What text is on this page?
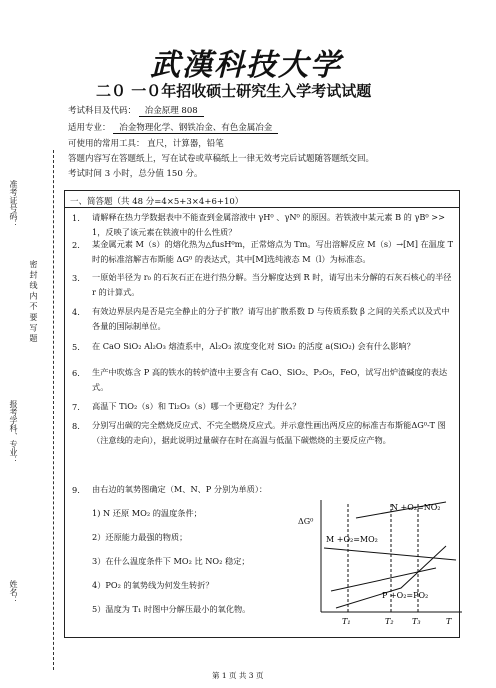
武漢科技大学
二０ 一０年招收硕士研究生入学考试试题
考试科目及代码： 冶金原理 808
适用专业： 冶金物理化学、钢铁冶金、有色金属冶金
可使用的常用工具： 直尺，计算器，铅笔
答题内容写在答题纸上，写在试卷或草稿纸上一律无效考完后试题随答题纸交回。
考试时间 3 小时，总分值 150 分。
一、简答题（共 48 分=4×5+3×4+6+10）
1. 请解释在热力学数据表中不能查到金属溶液中 γH⁰ 、γN⁰ 的原因。若铁液中某元素 B 的 γB⁰ >> 1，反映了该元素在铁液中的什么性质？
2. 某金属元素 M（s）的熔化热为△fusH⁰m，正常熔点为 Tm。写出溶解反应 M（s）→[M] 在温度 T 时的标准溶解吉布斯能 ΔG⁰ 的表达式，其中[M]选纯液态 M（l）为标准态。
3. 一原始半径为 r₀ 的石灰石正在进行热分解。当分解度达到 R 时，请写出未分解的石灰石核心的半径 r 的计算式。
4. 有效边界层内是否是完全静止的分子扩散？请写出扩散系数 D 与传质系数 β 之间的关系式以及式中各量的国际制单位。
5. 在 CaO SiO₂ Al₂O₃ 熔渣系中，Al₂O₃ 浓度变化对 SiO₂ 的活度 a(SiO₂) 会有什么影响？
6. 生产中吹炼含 P 高的铁水的转炉渣中主要含有 CaO、SiO₂、P₂O₅，FeO，试写出炉渣碱度的表达式。
7. 高温下 TiO₂（s）和 Ti₂O₃（s）哪一个更稳定？为什么？
8. 分别写出碳的完全燃烧反应式、不完全燃烧反应式。并示意性画出两反应的标准吉布斯能ΔG⁰-T 图（注意线的走向），据此说明过量碳存在时在高温与低温下碳燃烧的主要反应产物。
9. 由右边的氧势图确定（M、N、P 分别为单质）：
1) N 还原 MO₂ 的温度条件；
2）还原能力最强的物质；
3）在什么温度条件下 MO₂ 比 NO₂ 稳定；
4）PO₂ 的氧势线为何发生转折？
5）温度为 T₁ 时图中分解压最小的氧化物。
ΔG⁰
N +O₂=NO₂
M +O₂=MO₂
P +O₂=PO₂
T₁	T₂ T₃	T
准考证号码：
密 封 线 内 不 要 写 题
报考学科、专业：
姓名：
第 1 页 共 3 页
